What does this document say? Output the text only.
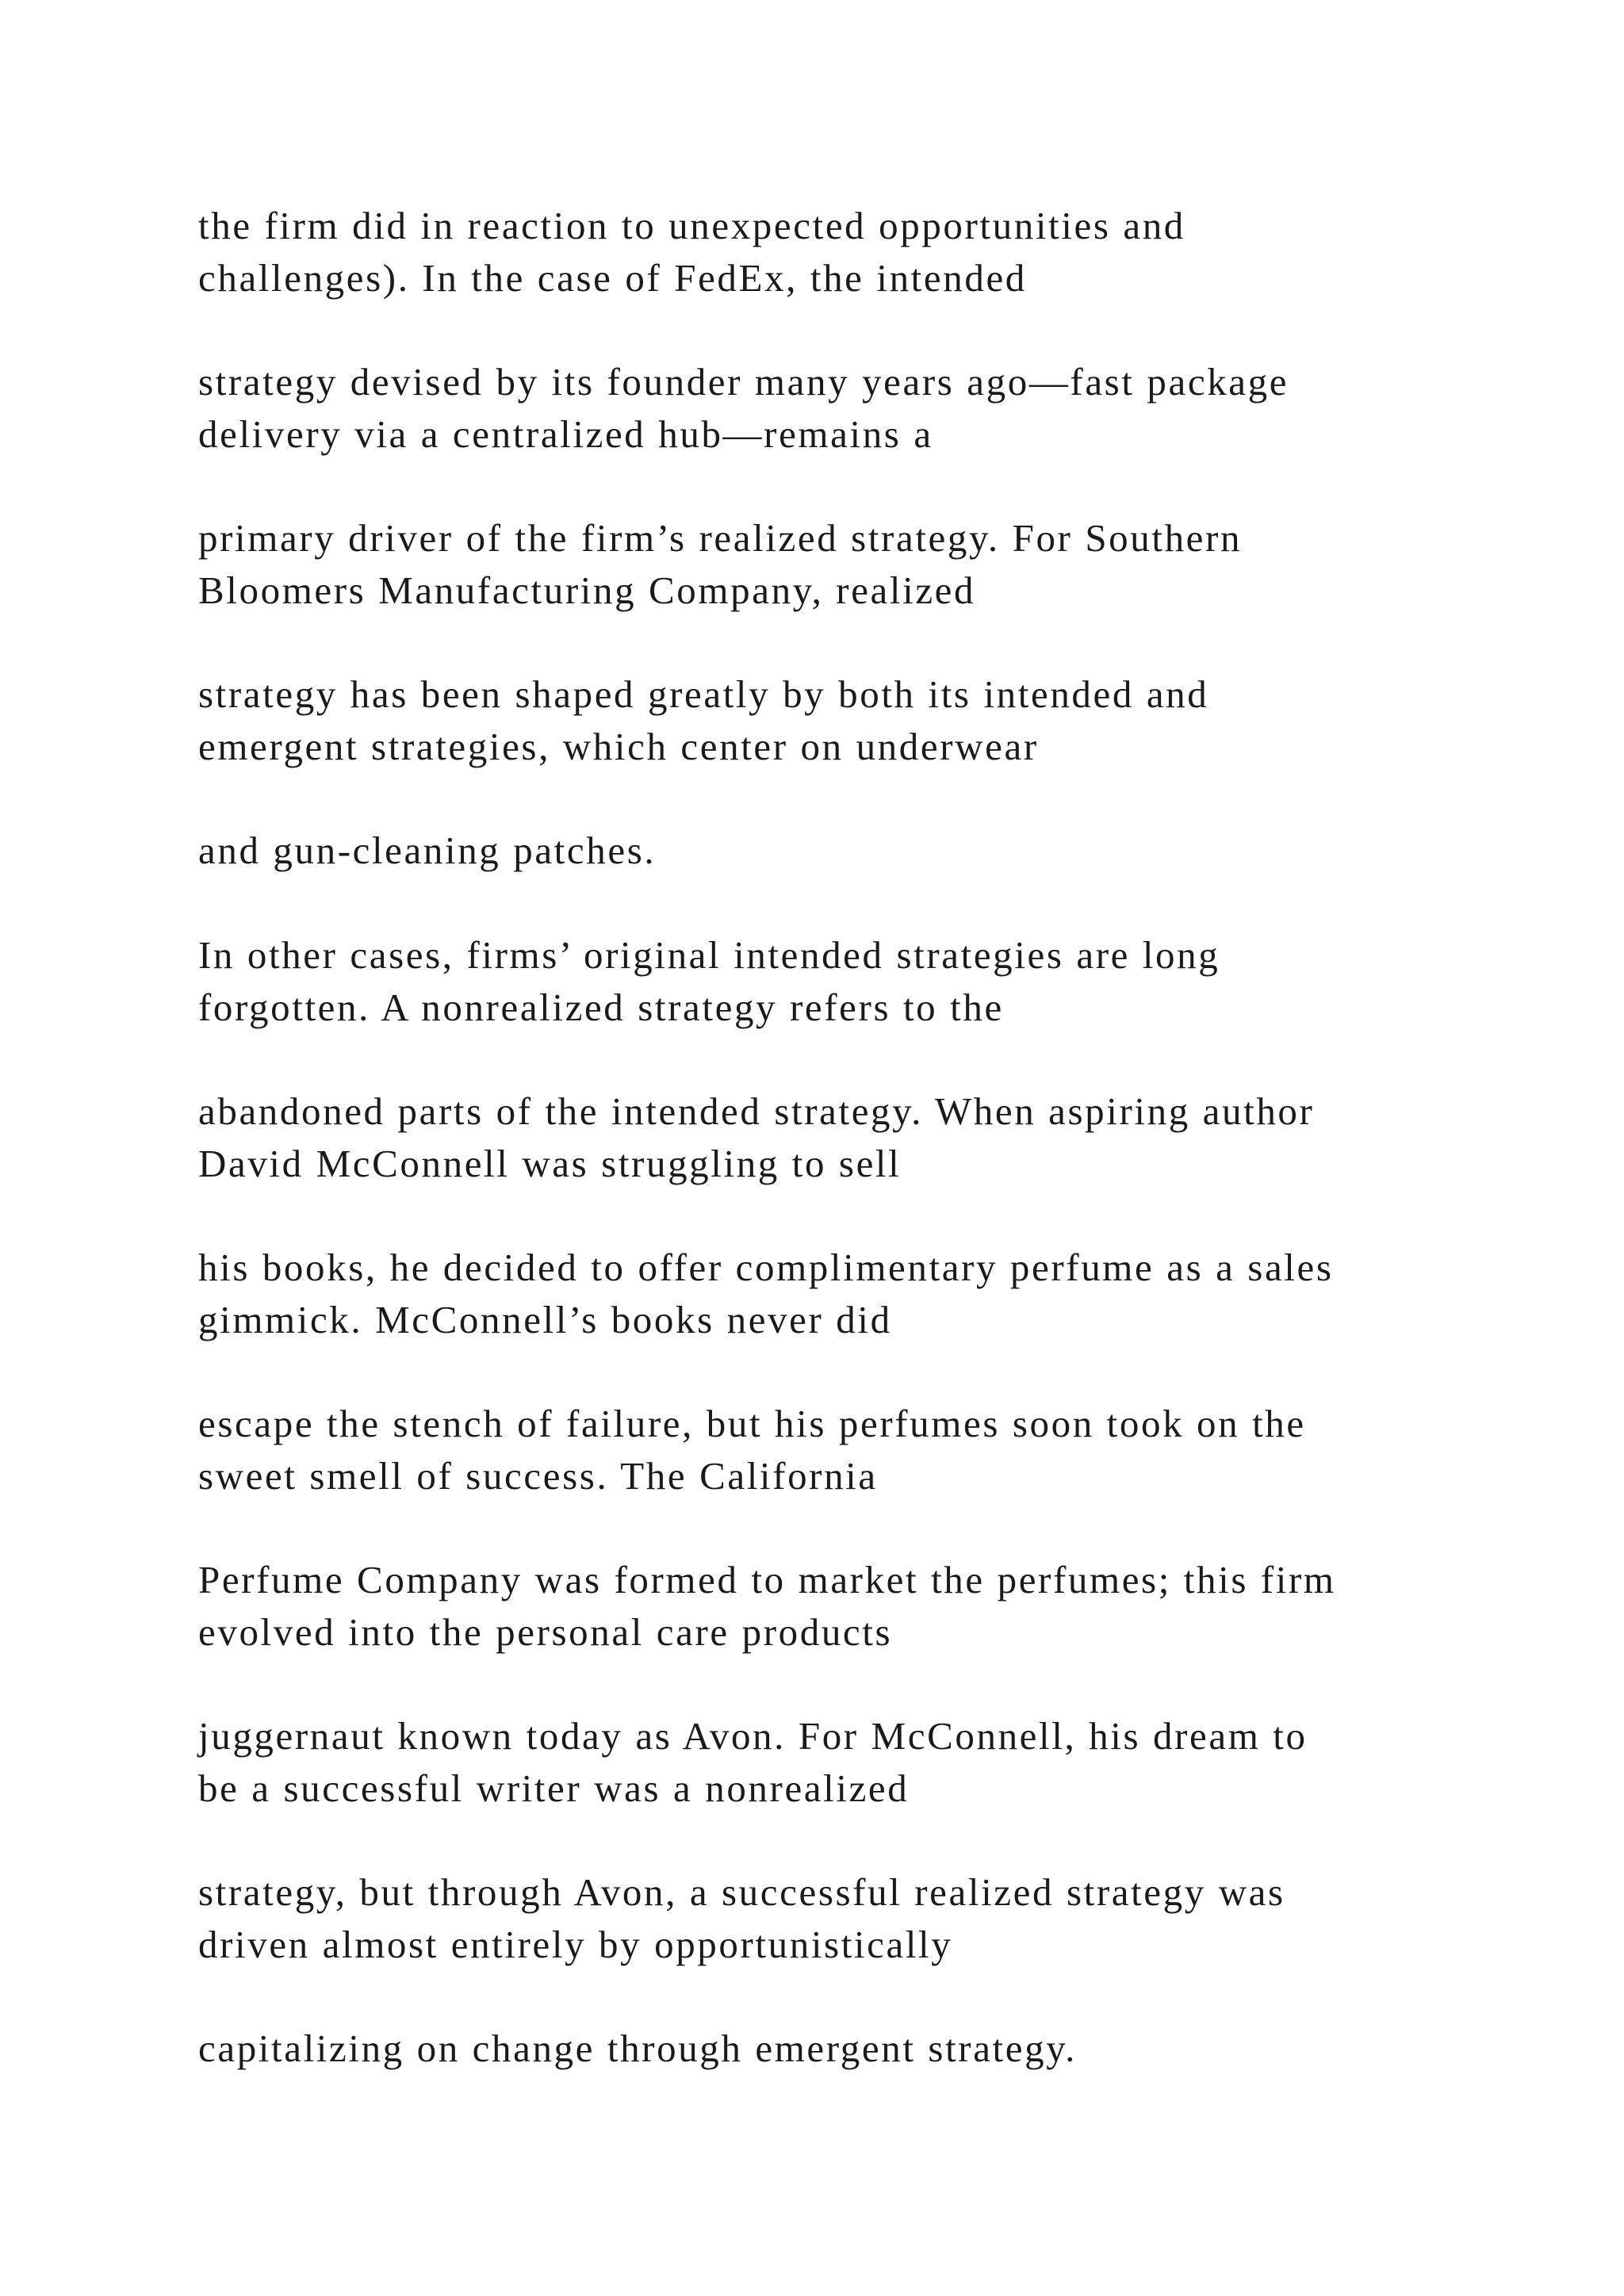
the firm did in reaction to unexpected opportunities and
challenges). In the case of FedEx, the intended

strategy devised by its founder many years ago—fast package
delivery via a centralized hub—remains a

primary driver of the firm’s realized strategy. For Southern
Bloomers Manufacturing Company, realized

strategy has been shaped greatly by both its intended and
emergent strategies, which center on underwear

and gun-cleaning patches.

In other cases, firms’ original intended strategies are long
forgotten. A nonrealized strategy refers to the

abandoned parts of the intended strategy. When aspiring author
David McConnell was struggling to sell

his books, he decided to offer complimentary perfume as a sales
gimmick. McConnell’s books never did

escape the stench of failure, but his perfumes soon took on the
sweet smell of success. The California

Perfume Company was formed to market the perfumes; this firm
evolved into the personal care products

juggernaut known today as Avon. For McConnell, his dream to
be a successful writer was a nonrealized

strategy, but through Avon, a successful realized strategy was
driven almost entirely by opportunistically

capitalizing on change through emergent strategy.
